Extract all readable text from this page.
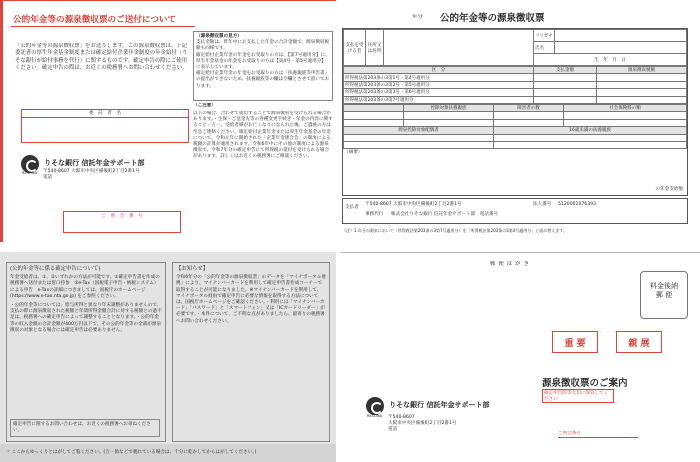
公的年金等の源泉徴収票のご送付について
「公的年金等の源泉徴収票」をお送りします。この源泉徴収票は、下記委託者の厚生年金基金制度または確定給付企業年金制度の年金給付（りそな銀行が給付事務を代行）に関するものです。確定申告の際にご使用ください。確定申告の際は、お近くの税務署へお問い合わせください。
委　託　者　名
りそな銀行 信託年金サポート部
〒540-8607 大阪市中央区備後町2丁目2番1号
電話
RESONA
ご　照　会　番　号
（源泉徴収票の見方）
支払金額は、昨年中にお支払した年金の合計金額で、源泉徴収税額も同様です。
確定給付企業年金の年金をお受取りの方は、【第7号適用分】に、厚生年金基金の年金をお受取りの方は【第4号・第5号適用分】に表示しています。
確定給付企業年金の年金をお受取りの方は「扶養親族等申告書」の提出ができないため、扶養親族等の欄は空欄とさせて頂いております。
（ご注意）
以下の場合、合わせて提出することで源泉徴収を受けられる場合があります。・生保・ご送金先等の各種変更手続き・年金の内容に関すること・万一、受給者様がお亡くなりになられた後、ご遺族の方は至急ご連絡ください。確定給付企業年金または厚生年金基金の年金について、令和元年に開始された「企業年金連合会」の制度による税額の計算が適用されます。令和6年中にその他の制度による源泉徴収で、令和7年分の確定申告にて所得税の還付を受けられる場合があります。詳しくはお近くの税務署にご相談ください。
年分 公的年金等の源泉徴収票
支払を受ける者	住所又は居所		フリガナ	
			氏名	
			生　年　月　日	
区　分	支払金額	源泉徴収税額
所得税法第203条の3第1号・第4号適用分		
所得税法第203条の3第2号・第5号適用分		
所得税法第203条の3第3号・第6号適用分		
所得税法第203条の3第7号適用分		
	控除対象扶養親族	障害者の数	社会保険料の額

源泉控除対象配偶者		16歳未満の扶養親族	

（摘要）
の年金支給額
支払者
〒540-8607 大阪市中央区備後町2丁目2番1号	法人番号 5120001076393
事務代行 株式会社りそな銀行 信託年金サポート部　電話番号
（注）1 年分の源泉において（所得税法第203条の3第7号適用分）を「所得税法第203条の3第4号適用分」と読み替えます。
(公的年金等に係る確定申告について)
年金受給者は、①、②いずれかの方法が可能です。①確定申告書を作成の税務署へ送付または窓口持参　②e-Tax（国税電子申告・納税システム）による申告　e-Taxの詳細につきましては、国税庁のホームページ(https://www.e-tax.nta.go.jp) をご参照ください。
・公的年金等については、給与所得と異なり年末調整がありませんので、支払の際に源泉徴収された税額と年間所得金額合計に対する税額との過不足は、税務署への確定申告によって調整することとなります。・公的年金等の収入金額の合計金額が400万円以下で、その公的年金等の全部が源泉徴収の対象となる場合には確定申告は必要ありません。
確定申告に関するお問い合わせは、お近くの税務署へお尋ねください。
【お知らせ】
令和6年分の「公的年金等の源泉徴収票」のデータを「マイナポータル連携」により、マイナンバーカードを利用して確定申告書作成コーナーで取得することが可能になりました。※マイナンバーカードを利用して、マイナポータル経由で確定申告に必要な情報を取得する方法については、国税庁ホームページをご確認ください。・利用には「マイナンバーカード」「パスワード」と「スマートフォン」又は「ICカードリーダー」が必要です。・本件について、ご不明な点がありましたら、最寄りの税務署へお問い合わせください。
☞ ここからゆっくりとはがしてご覧ください。(万一偽などで裏れている場合は、十分に乾かしてからはがしてください。)
郵便はがき
料金後納
郵 便
重 要	親 展
源泉徴収票のご案内
確定申告時等大切に保管してください
りそな銀行 信託年金サポート部
RESONA 〒540-8607
大阪市中央区備後町2丁目2番1号
電話
ご照会番号
